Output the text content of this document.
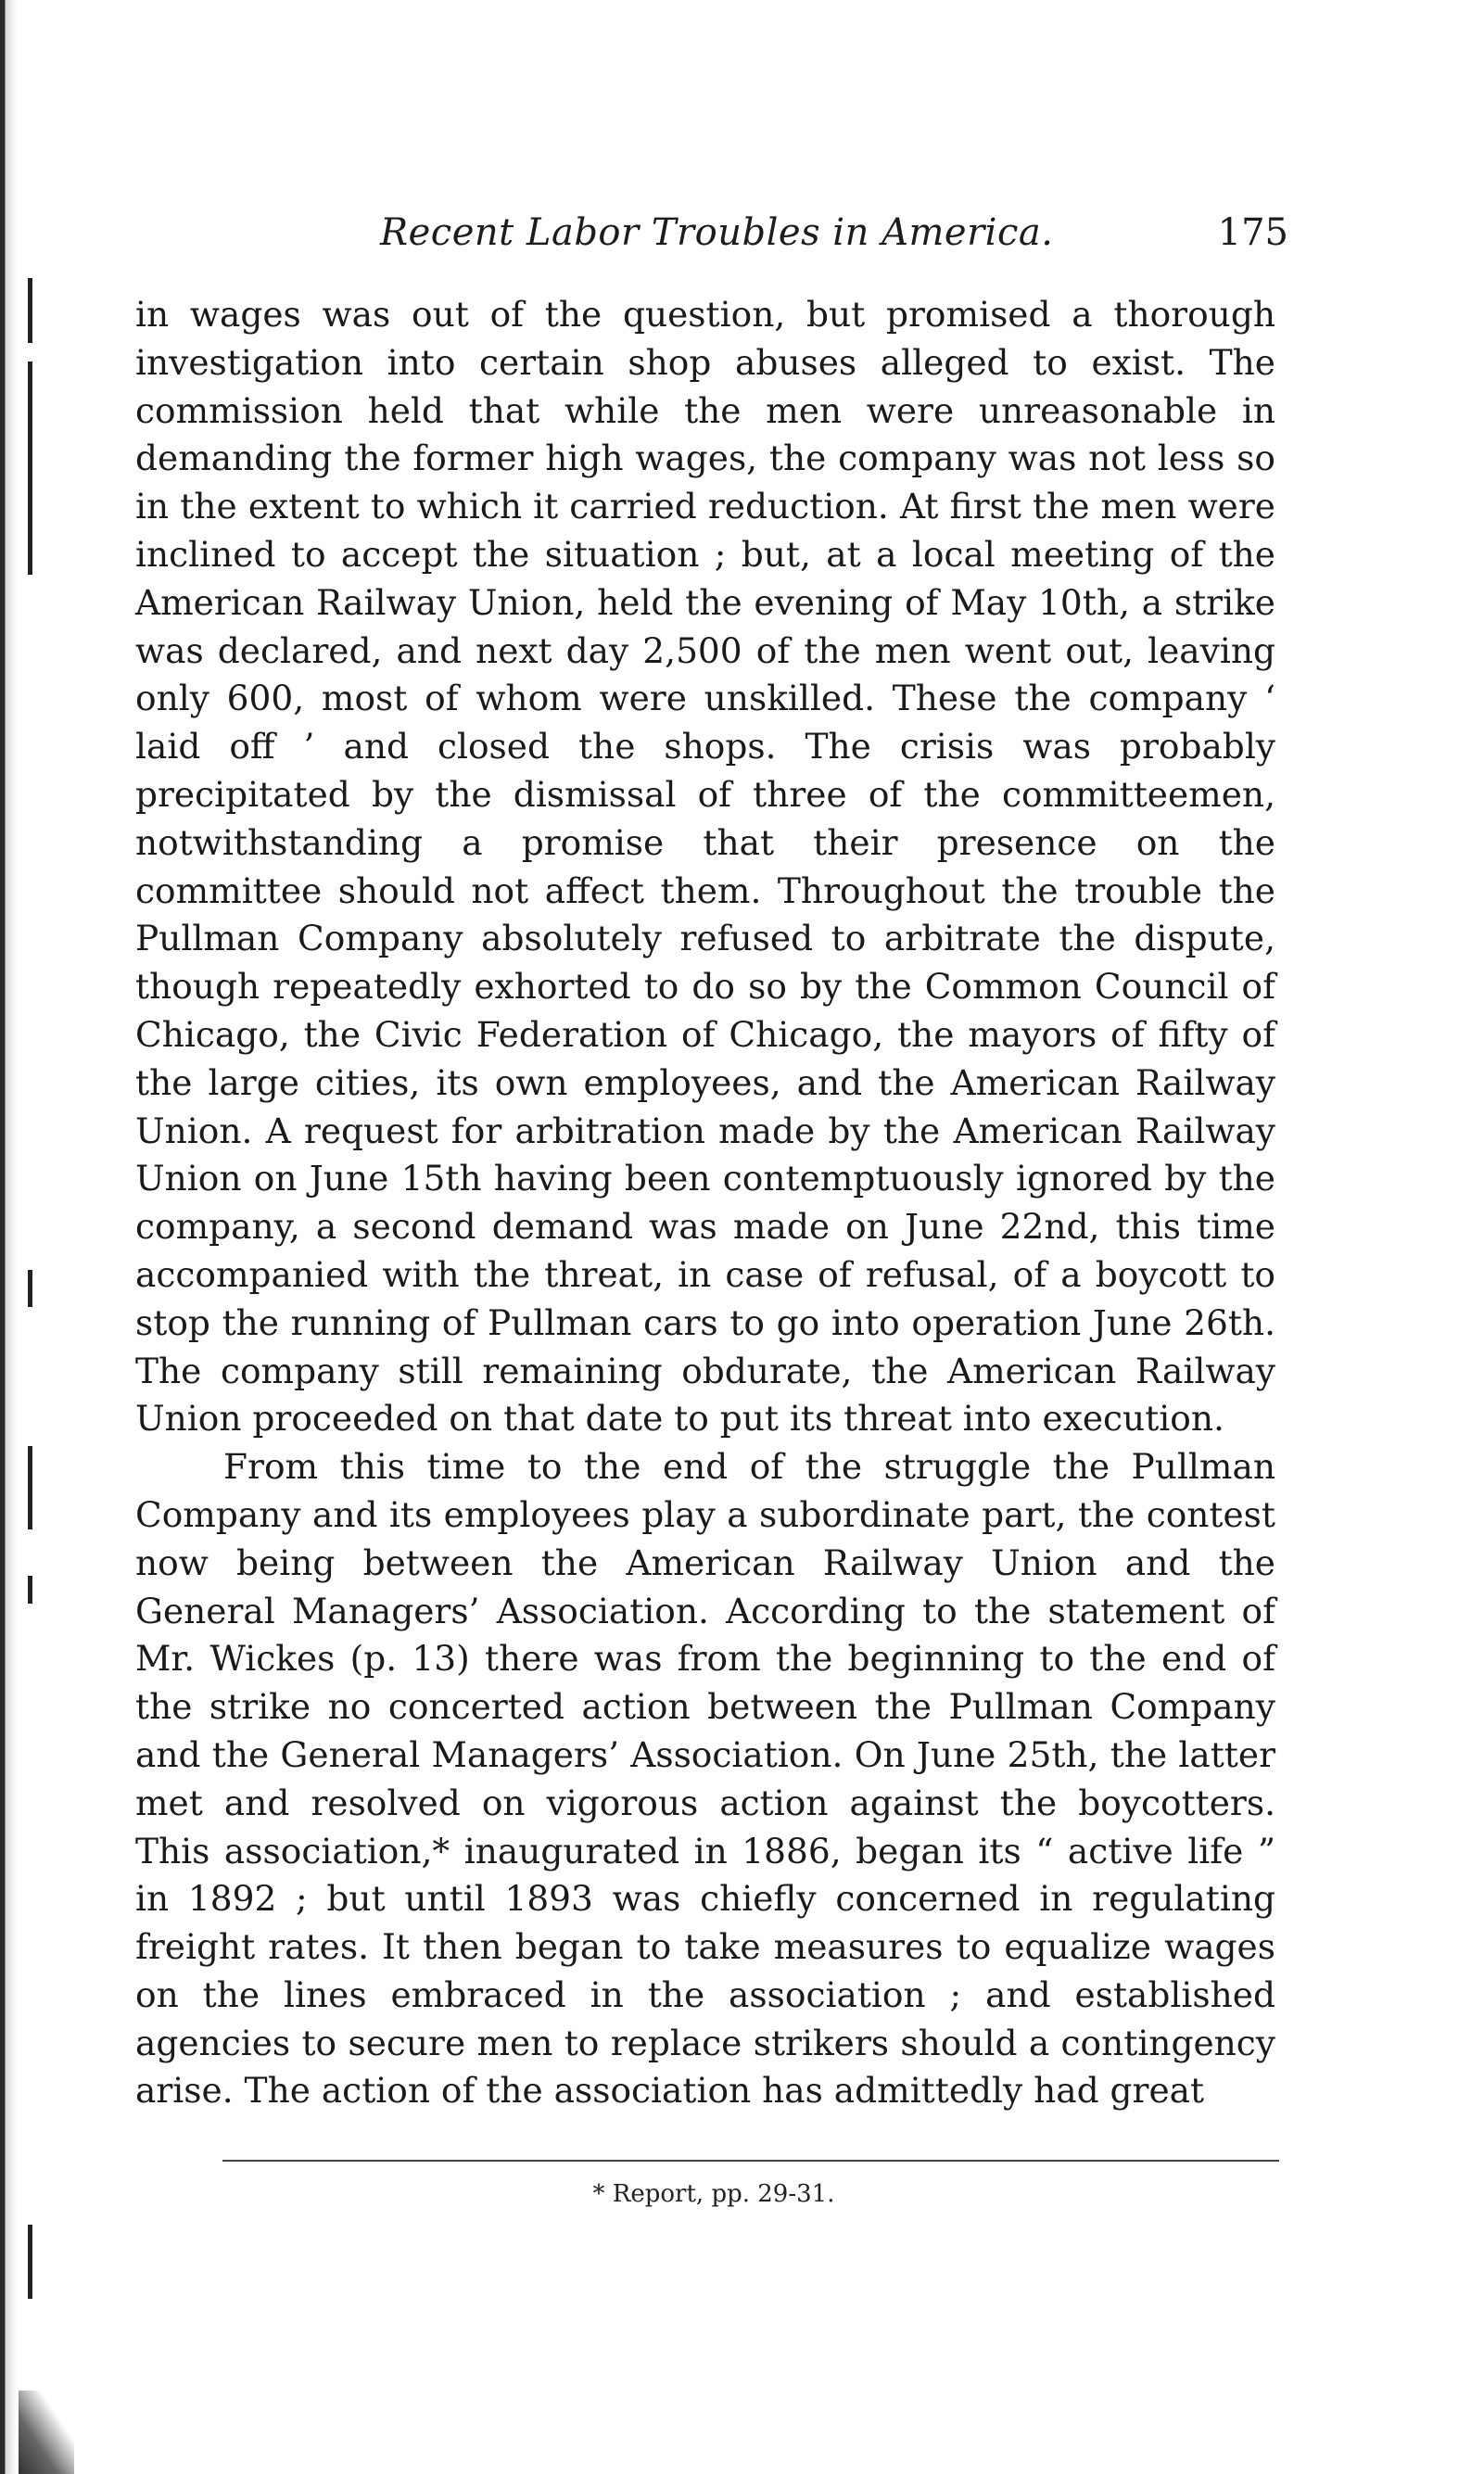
Recent Labor Troubles in America.	175

in wages was out of the question, but promised a thorough investigation into certain shop abuses alleged to exist. The commission held that while the men were unreasonable in demanding the former high wages, the company was not less so in the extent to which it carried reduction. At first the men were inclined to accept the situation ; but, at a local meeting of the American Railway Union, held the evening of May 10th, a strike was declared, and next day 2,500 of the men went out, leaving only 600, most of whom were unskilled. These the company ‘ laid off ’ and closed the shops. The crisis was probably precipitated by the dismissal of three of the committeemen, notwithstanding a promise that their presence on the committee should not affect them. Throughout the trouble the Pullman Company absolutely refused to arbitrate the dispute, though repeatedly exhorted to do so by the Common Council of Chicago, the Civic Federation of Chicago, the mayors of fifty of the large cities, its own employees, and the American Railway Union. A request for arbitration made by the American Railway Union on June 15th having been contemptuously ignored by the company, a second demand was made on June 22nd, this time accompanied with the threat, in case of refusal, of a boycott to stop the running of Pullman cars to go into operation June 26th. The company still remaining obdurate, the American Railway Union proceeded on that date to put its threat into execution.

From this time to the end of the struggle the Pullman Company and its employees play a subordinate part, the contest now being between the American Railway Union and the General Managers’ Association. According to the statement of Mr. Wickes (p. 13) there was from the beginning to the end of the strike no concerted action between the Pullman Company and the General Managers’ Association. On June 25th, the latter met and resolved on vigorous action against the boycotters. This association,* inaugurated in 1886, began its “ active life ” in 1892 ; but until 1893 was chiefly concerned in regulating freight rates. It then began to take measures to equalize wages on the lines embraced in the association ; and established agencies to secure men to replace strikers should a contingency arise. The action of the association has admittedly had great

* Report, pp. 29-31.
